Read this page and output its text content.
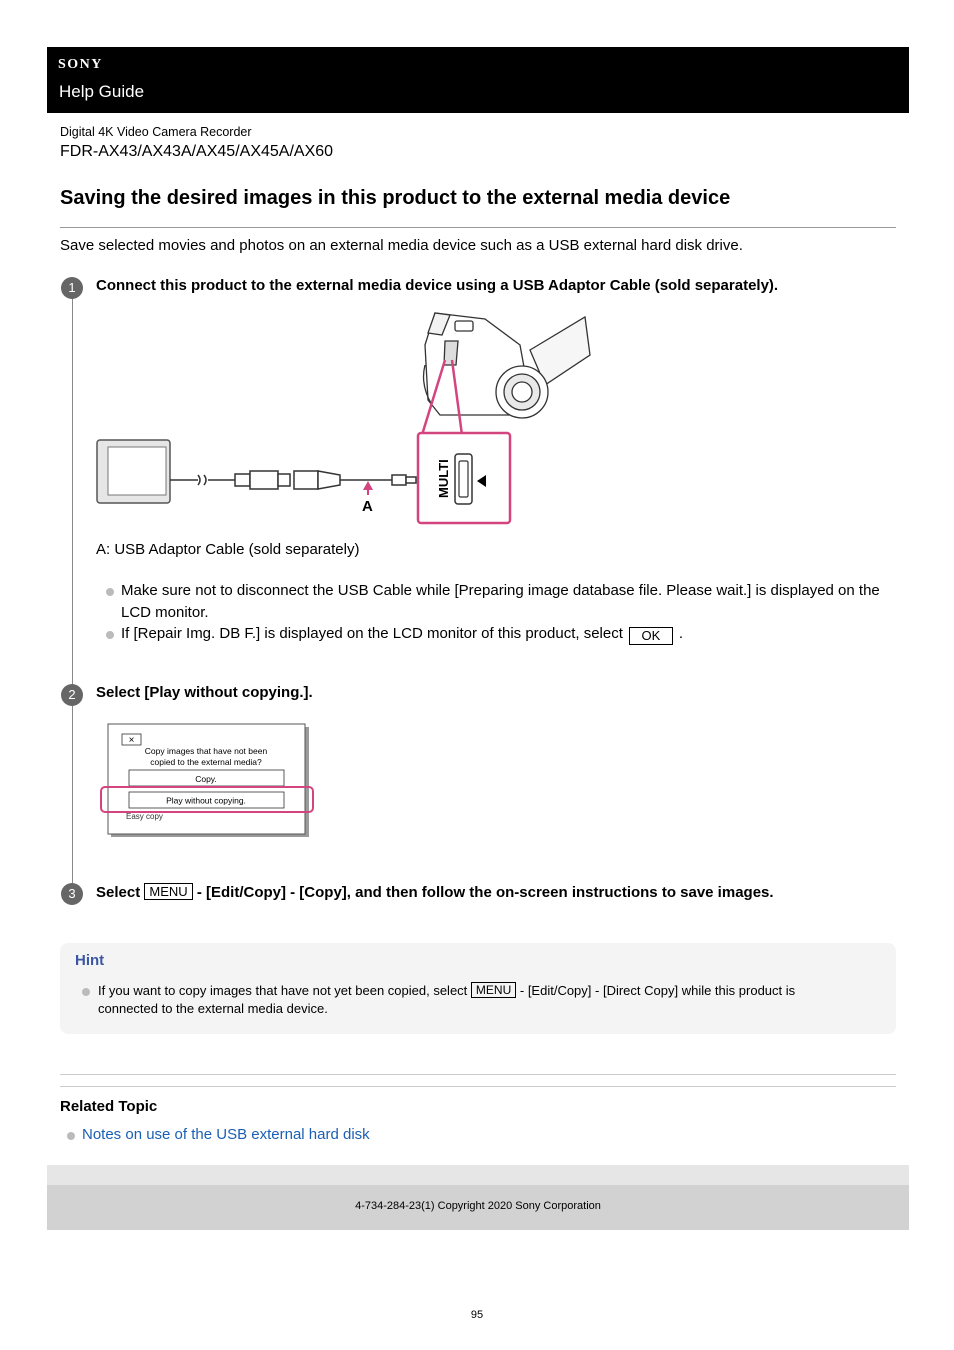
SONY
Help Guide
Digital 4K Video Camera Recorder
FDR-AX43/AX43A/AX45/AX45A/AX60
Saving the desired images in this product to the external media device
Save selected movies and photos on an external media device such as a USB external hard disk drive.
1	Connect this product to the external media device using a USB Adaptor Cable (sold separately).
MULTI
A
A: USB Adaptor Cable (sold separately)
Make sure not to disconnect the USB Cable while [Preparing image database file. Please wait.] is displayed on the LCD monitor.
If [Repair Img. DB F.] is displayed on the LCD monitor of this product, select OK .
2	Select [Play without copying.].
×
Copy images that have not been
copied to the external media?
Copy.
Play without copying.
Easy copy
3	Select MENU - [Edit/Copy] - [Copy], and then follow the on-screen instructions to save images.
Hint
If you want to copy images that have not yet been copied, select MENU - [Edit/Copy] - [Direct Copy] while this product is connected to the external media device.
Related Topic
Notes on use of the USB external hard disk
4-734-284-23(1) Copyright 2020 Sony Corporation
95
